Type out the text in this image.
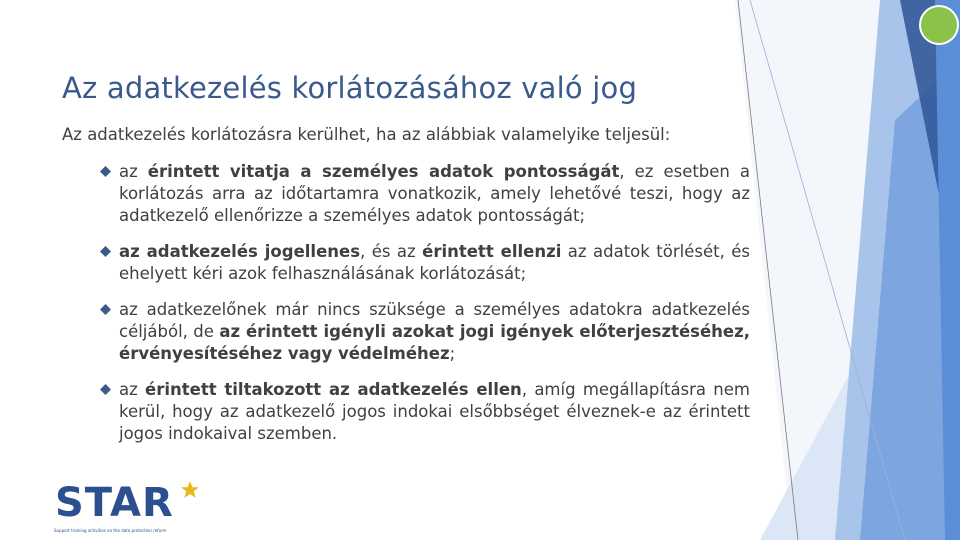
Az adatkezelés korlátozásához való jog
Az adatkezelés korlátozásra kerülhet, ha az alábbiak valamelyike teljesül:
az érintett vitatja a személyes adatok pontosságát, ez esetben a korlátozás arra az időtartamra vonatkozik, amely lehetővé teszi, hogy az adatkezelő ellenőrizze a személyes adatok pontosságát;
az adatkezelés jogellenes, és az érintett ellenzi az adatok törlését, és ehelyett kéri azok felhasználásának korlátozását;
az adatkezelőnek már nincs szüksége a személyes adatokra adatkezelés céljából, de az érintett igényli azokat jogi igények előterjesztéséhez, érvényesítéséhez vagy védelméhez;
az érintett tiltakozott az adatkezelés ellen, amíg megállapításra nem kerül, hogy az adatkezelő jogos indokai elsőbbséget élveznek-e az érintett jogos indokaival szemben.
STAR
Support training activities on the data protection reform
